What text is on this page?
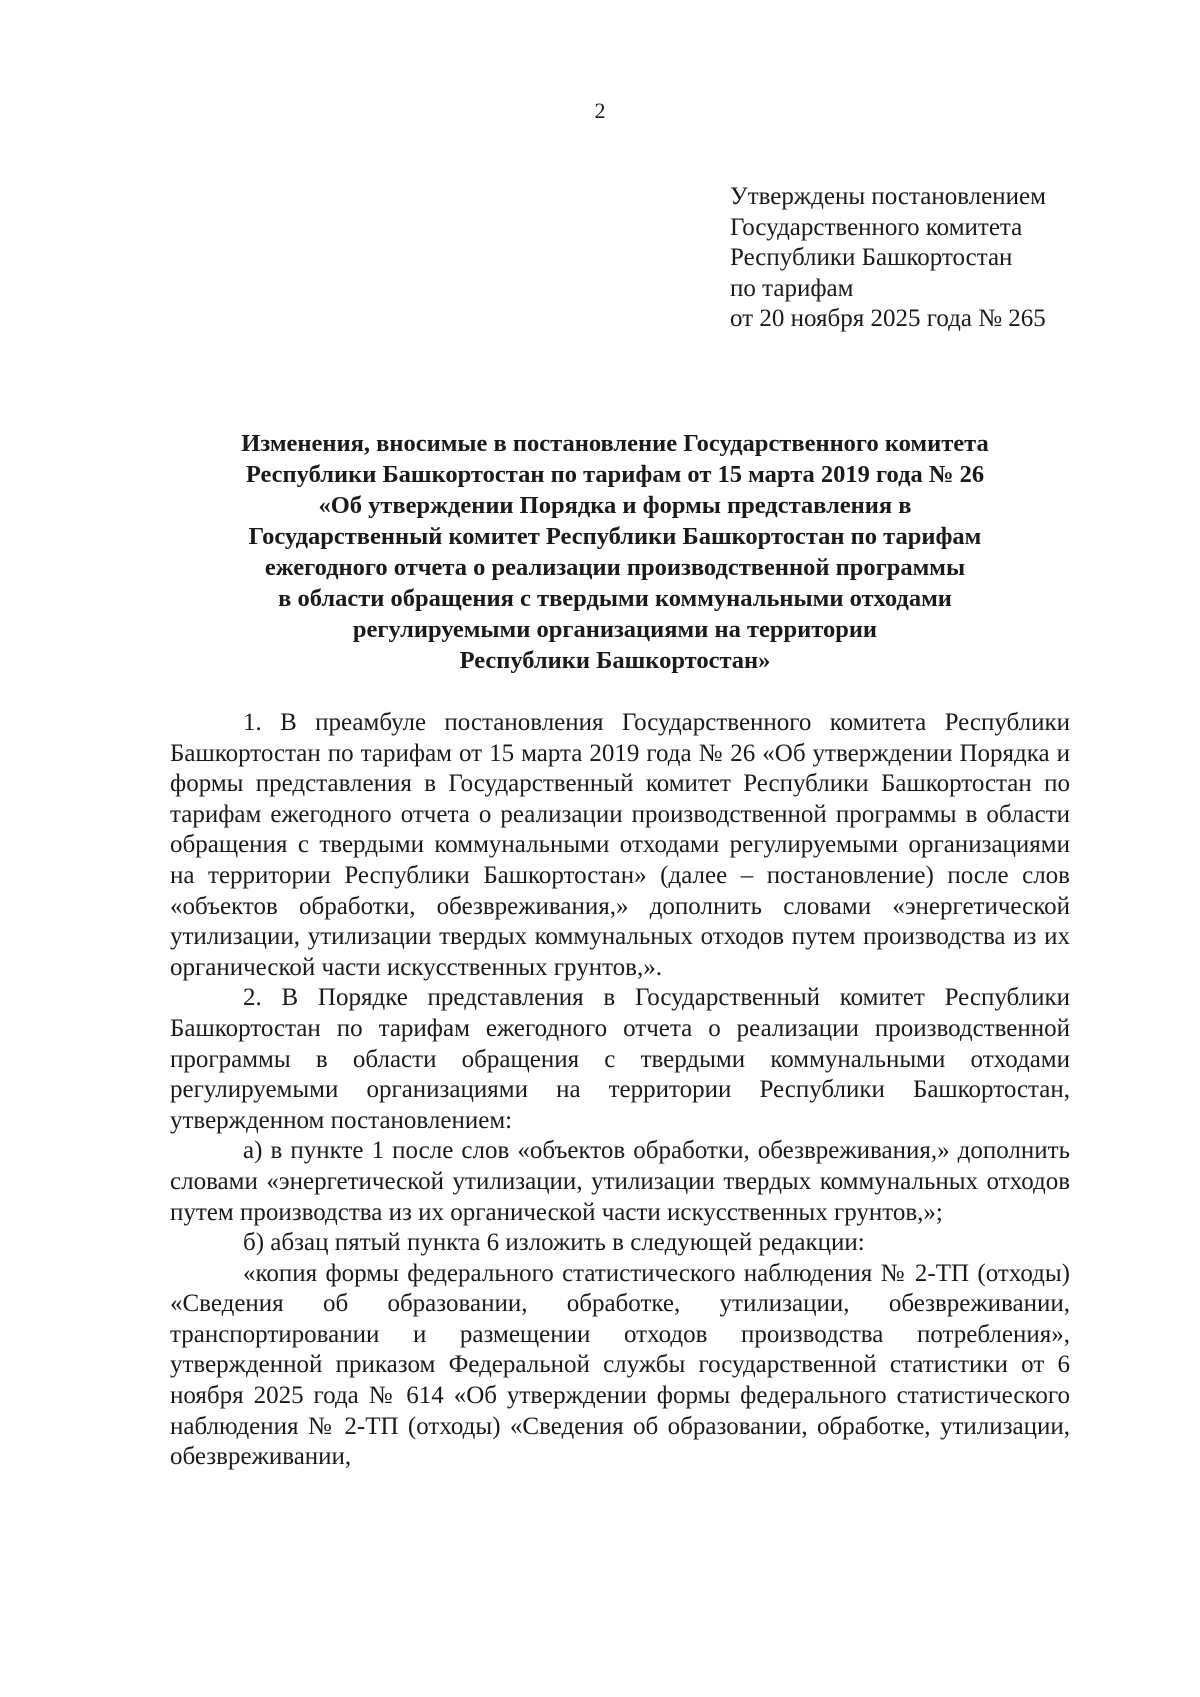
2
Утверждены постановлением
Государственного комитета
Республики Башкортостан
по тарифам
от 20 ноября 2025 года № 265
Изменения, вносимые в постановление Государственного комитета
Республики Башкортостан по тарифам от 15 марта 2019 года № 26
«Об утверждении Порядка и формы представления в
Государственный комитет Республики Башкортостан по тарифам
ежегодного отчета о реализации производственной программы
в области обращения с твердыми коммунальными отходами
регулируемыми организациями на территории
Республики Башкортостан»

1. В преамбуле постановления Государственного комитета Республики Башкортостан по тарифам от 15 марта 2019 года № 26 «Об утверждении Порядка и формы представления в Государственный комитет Республики Башкортостан по тарифам ежегодного отчета о реализации производственной программы в области обращения с твердыми коммунальными отходами регулируемыми организациями на территории Республики Башкортостан» (далее – постановление) после слов «объектов обработки, обезвреживания,» дополнить словами «энергетической утилизации, утилизации твердых коммунальных отходов путем производства из их органической части искусственных грунтов,».

2. В Порядке представления в Государственный комитет Республики Башкортостан по тарифам ежегодного отчета о реализации производственной программы в области обращения с твердыми коммунальными отходами регулируемыми организациями на территории Республики Башкортостан, утвержденном постановлением:

а) в пункте 1 после слов «объектов обработки, обезвреживания,» дополнить словами «энергетической утилизации, утилизации твердых коммунальных отходов путем производства из их органической части искусственных грунтов,»;

б) абзац пятый пункта 6 изложить в следующей редакции:

«копия формы федерального статистического наблюдения № 2-ТП (отходы) «Сведения об образовании, обработке, утилизации, обезвреживании, транспортировании и размещении отходов производства потребления», утвержденной приказом Федеральной службы государственной статистики от 6 ноября 2025 года № 614 «Об утверждении формы федерального статистического наблюдения № 2-ТП (отходы) «Сведения об образовании, обработке, утилизации, обезвреживании,
